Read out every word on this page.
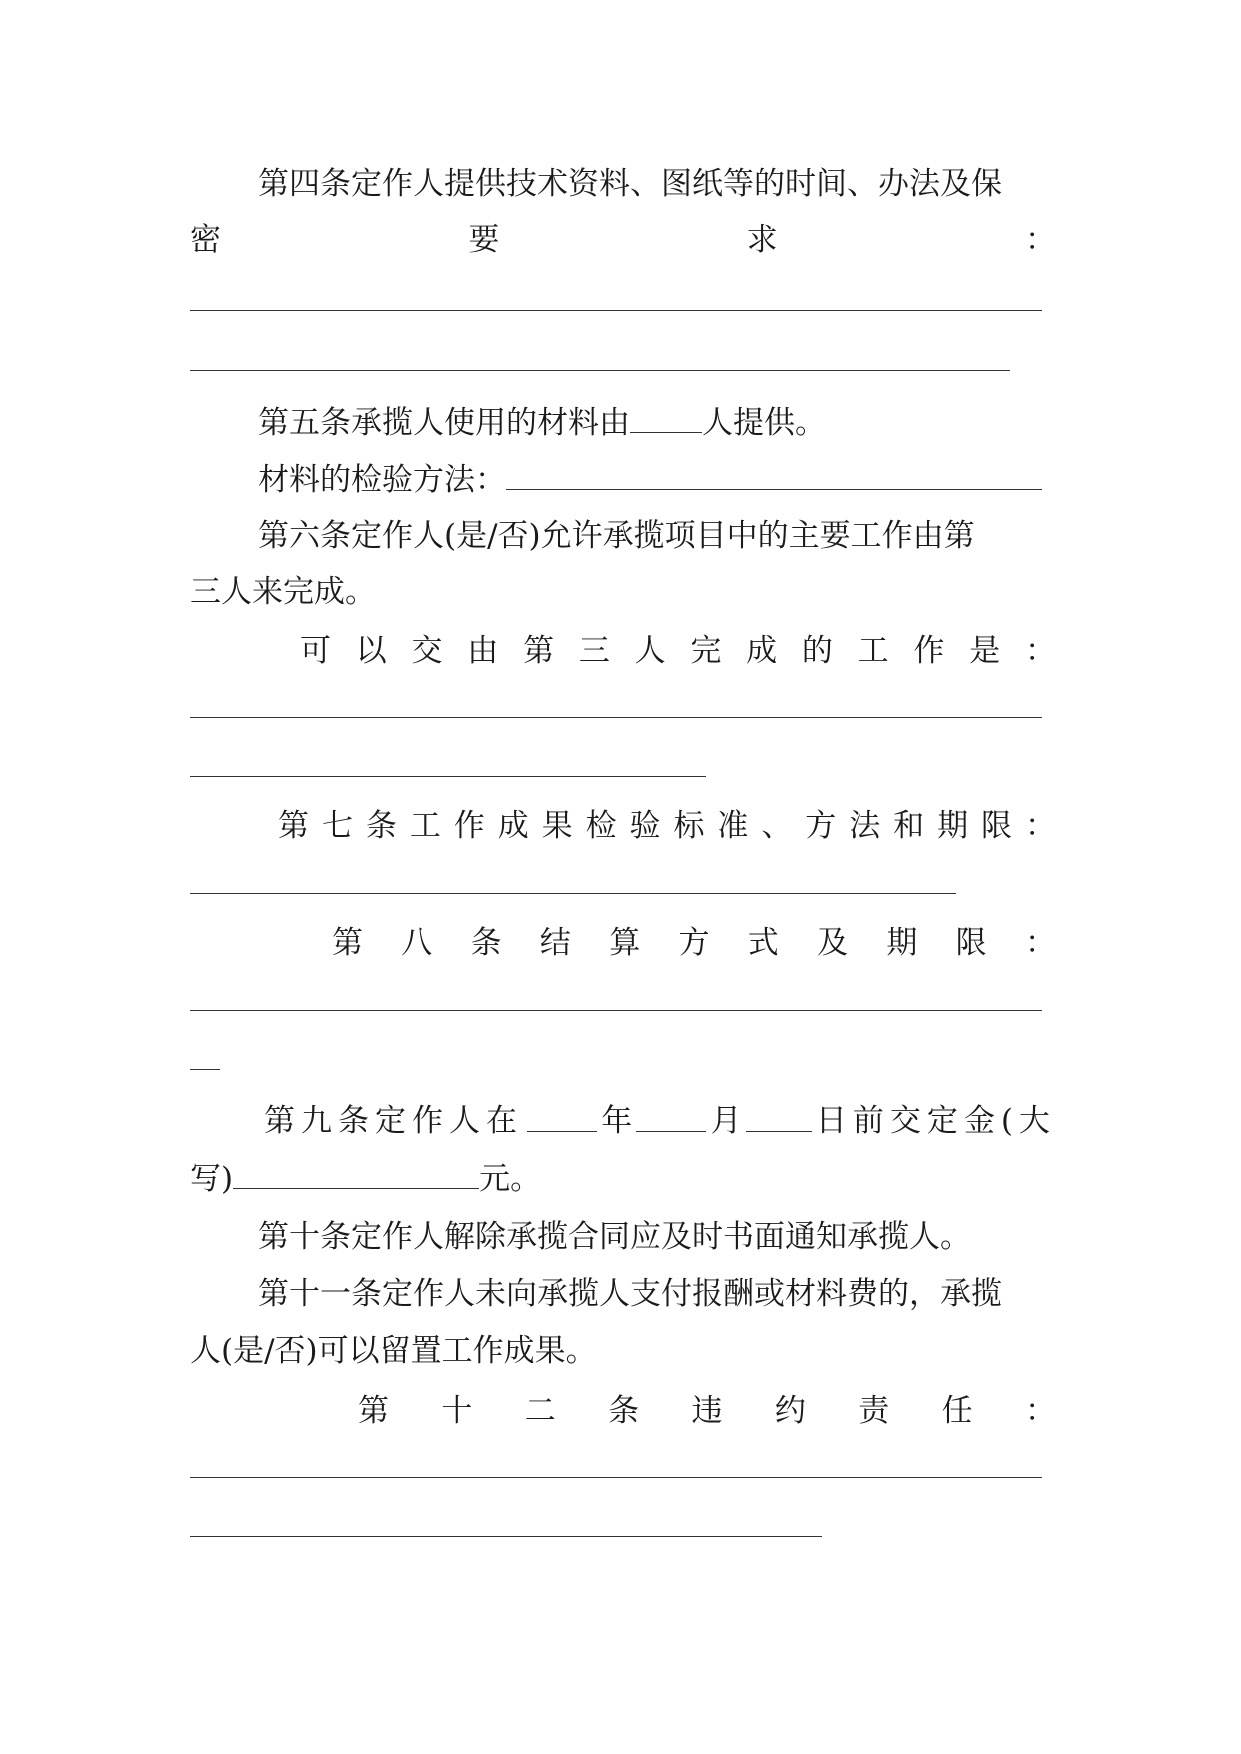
第四条定作人提供技术资料、图纸等的时间、办法及保
密	要	求	：
第五条承揽人使用的材料由 人提供。
材料的检验方法：
第六条定作人(是/否)允许承揽项目中的主要工作由第
三人来完成。
可 以 交 由 第 三 人 完 成 的 工 作 是 ：
第 七 条 工 作 成 果 检 验 标 准 、 方 法 和 期 限 ：
第 八 条 结 算 方 式 及 期 限 ：
第九条定作人在	年	月 日前交定金(大
写)	元。
第十条定作人解除承揽合同应及时书面通知承揽人。
第十一条定作人未向承揽人支付报酬或材料费的，承揽
人(是/否)可以留置工作成果。
第 十 二 条 违 约 责 任 ：
